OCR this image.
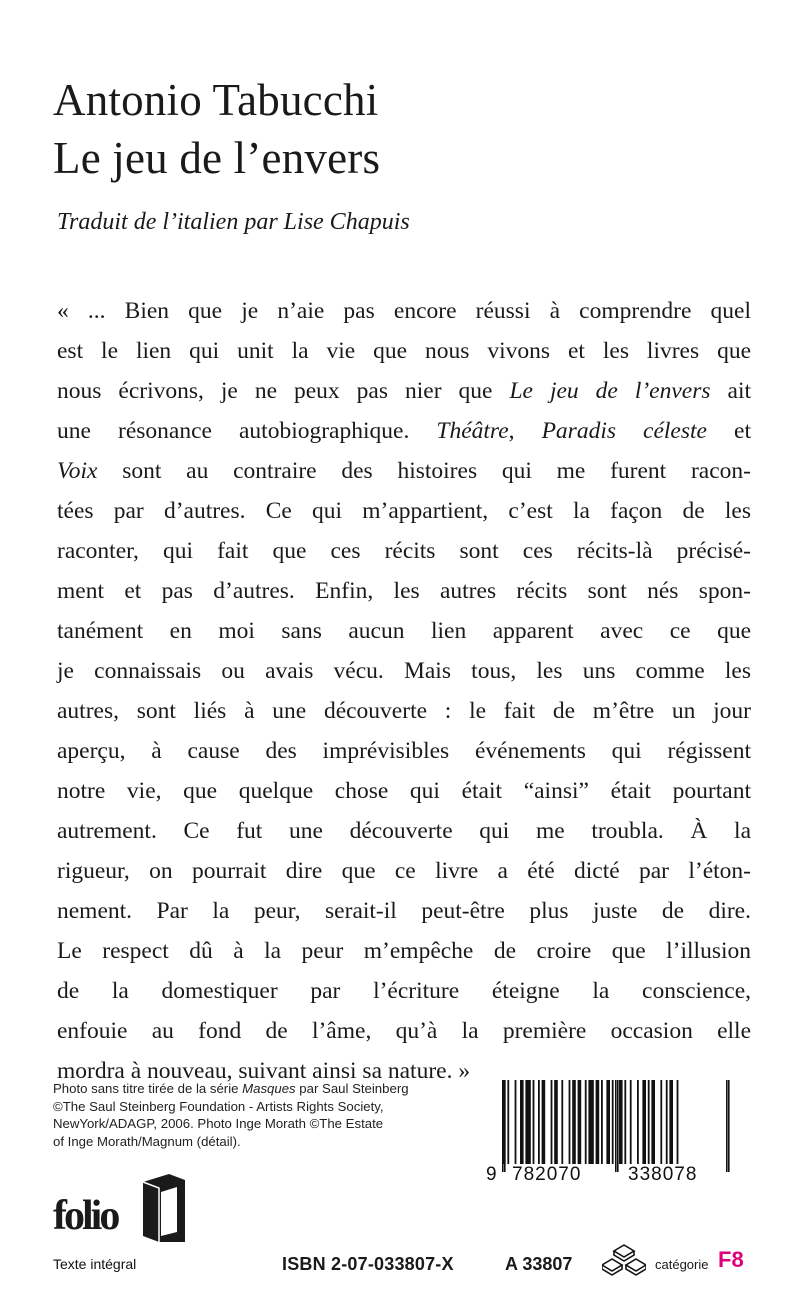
Antonio Tabucchi
Le jeu de l’envers
Traduit de l’italien par Lise Chapuis
« ... Bien que je n’aie pas encore réussi à comprendre quel
est le lien qui unit la vie que nous vivons et les livres que
nous écrivons, je ne peux pas nier que Le jeu de l’envers ait
une résonance autobiographique. Théâtre, Paradis céleste et
Voix sont au contraire des histoires qui me furent racon-
tées par d’autres. Ce qui m’appartient, c’est la façon de les
raconter, qui fait que ces récits sont ces récits-là précisé-
ment et pas d’autres. Enfin, les autres récits sont nés spon-
tanément en moi sans aucun lien apparent avec ce que
je connaissais ou avais vécu. Mais tous, les uns comme les
autres, sont liés à une découverte : le fait de m’être un jour
aperçu, à cause des imprévisibles événements qui régissent
notre vie, que quelque chose qui était “ainsi” était pourtant
autrement. Ce fut une découverte qui me troubla. À la
rigueur, on pourrait dire que ce livre a été dicté par l’éton-
nement. Par la peur, serait-il peut-être plus juste de dire.
Le respect dû à la peur m’empêche de croire que l’illusion
de la domestiquer par l’écriture éteigne la conscience,
enfouie au fond de l’âme, qu’à la première occasion elle
mordra à nouveau, suivant ainsi sa nature. »
Photo sans titre tirée de la série Masques par Saul Steinberg
©The Saul Steinberg Foundation - Artists Rights Society,
NewYork/ADAGP, 2006. Photo Inge Morath ©The Estate
of Inge Morath/Magnum (détail).
9 782070 338078
folio
Texte intégral	ISBN 2-07-033807-X	A 33807	catégorie F8
